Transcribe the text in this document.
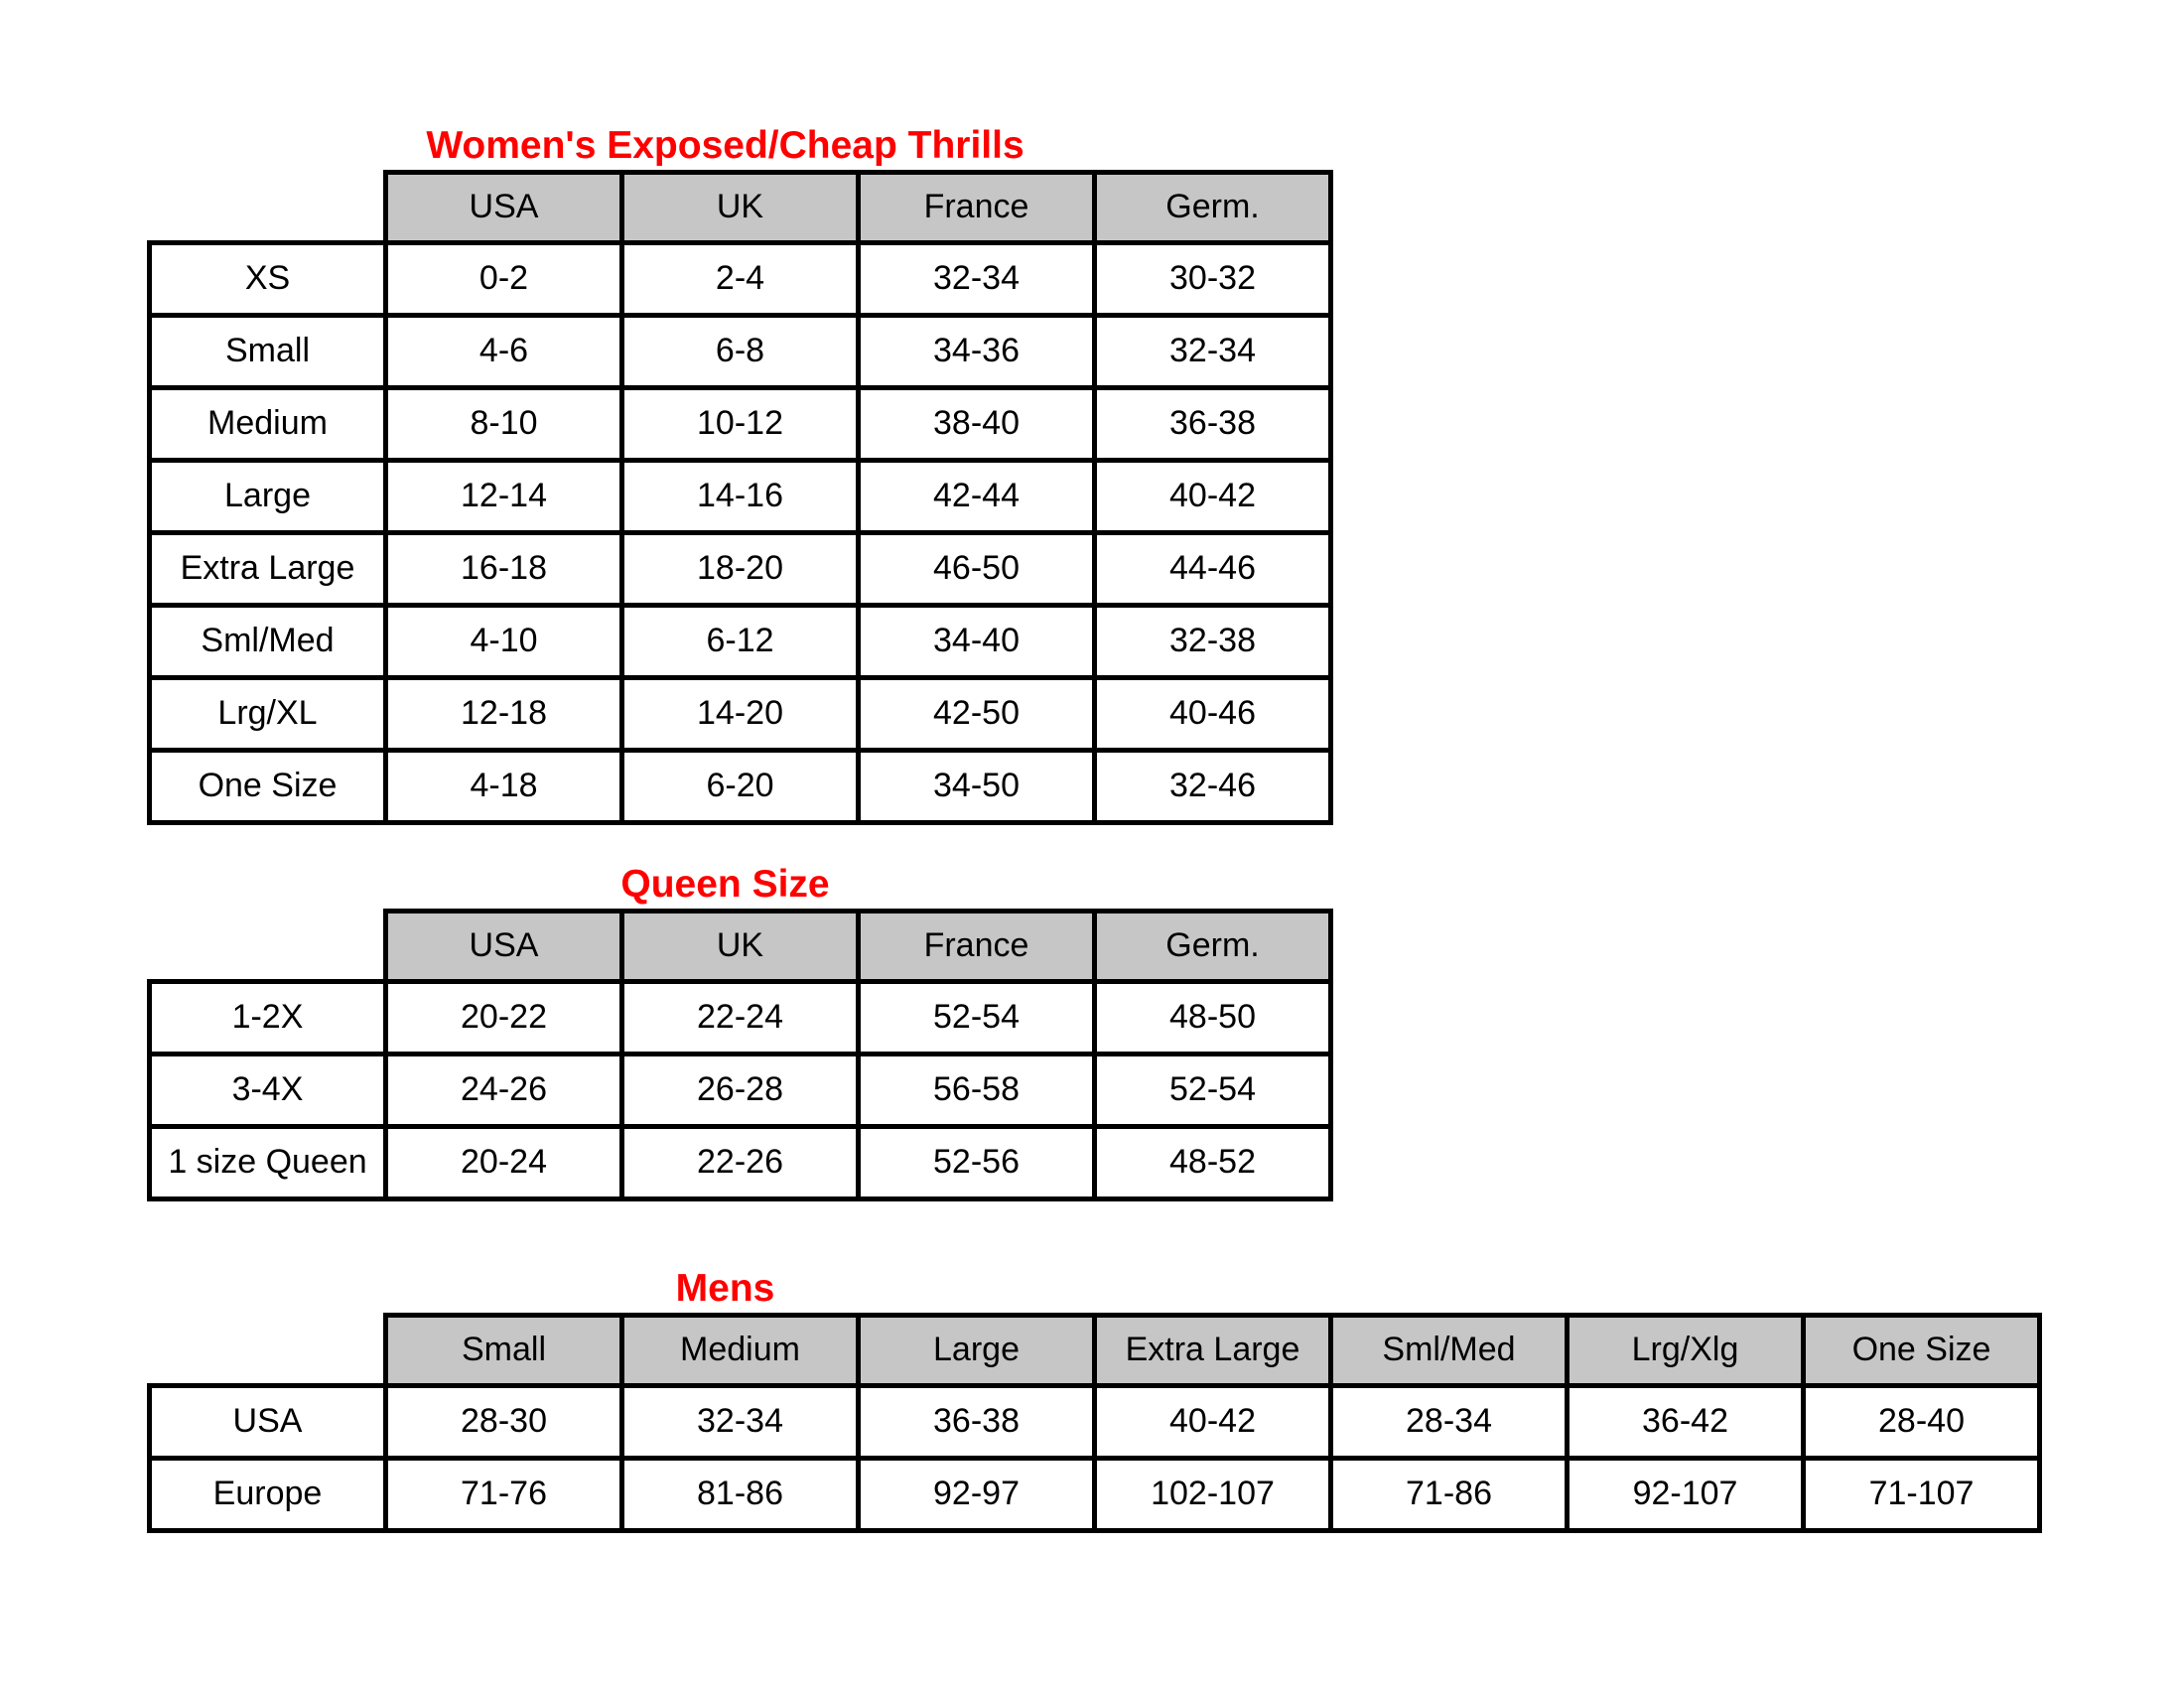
Women's Exposed/Cheap Thrills
	USA	UK	France	Germ.
XS	0-2	2-4	32-34	30-32
Small	4-6	6-8	34-36	32-34
Medium	8-10	10-12	38-40	36-38
Large	12-14	14-16	42-44	40-42
Extra Large	16-18	18-20	46-50	44-46
Sml/Med	4-10	6-12	34-40	32-38
Lrg/XL	12-18	14-20	42-50	40-46
One Size	4-18	6-20	34-50	32-46
Queen Size
	USA	UK	France	Germ.
1-2X	20-22	22-24	52-54	48-50
3-4X	24-26	26-28	56-58	52-54
1 size Queen	20-24	22-26	52-56	48-52
Mens
	Small	Medium	Large	Extra Large	Sml/Med	Lrg/Xlg	One Size
USA	28-30	32-34	36-38	40-42	28-34	36-42	28-40
Europe	71-76	81-86	92-97	102-107	71-86	92-107	71-107
